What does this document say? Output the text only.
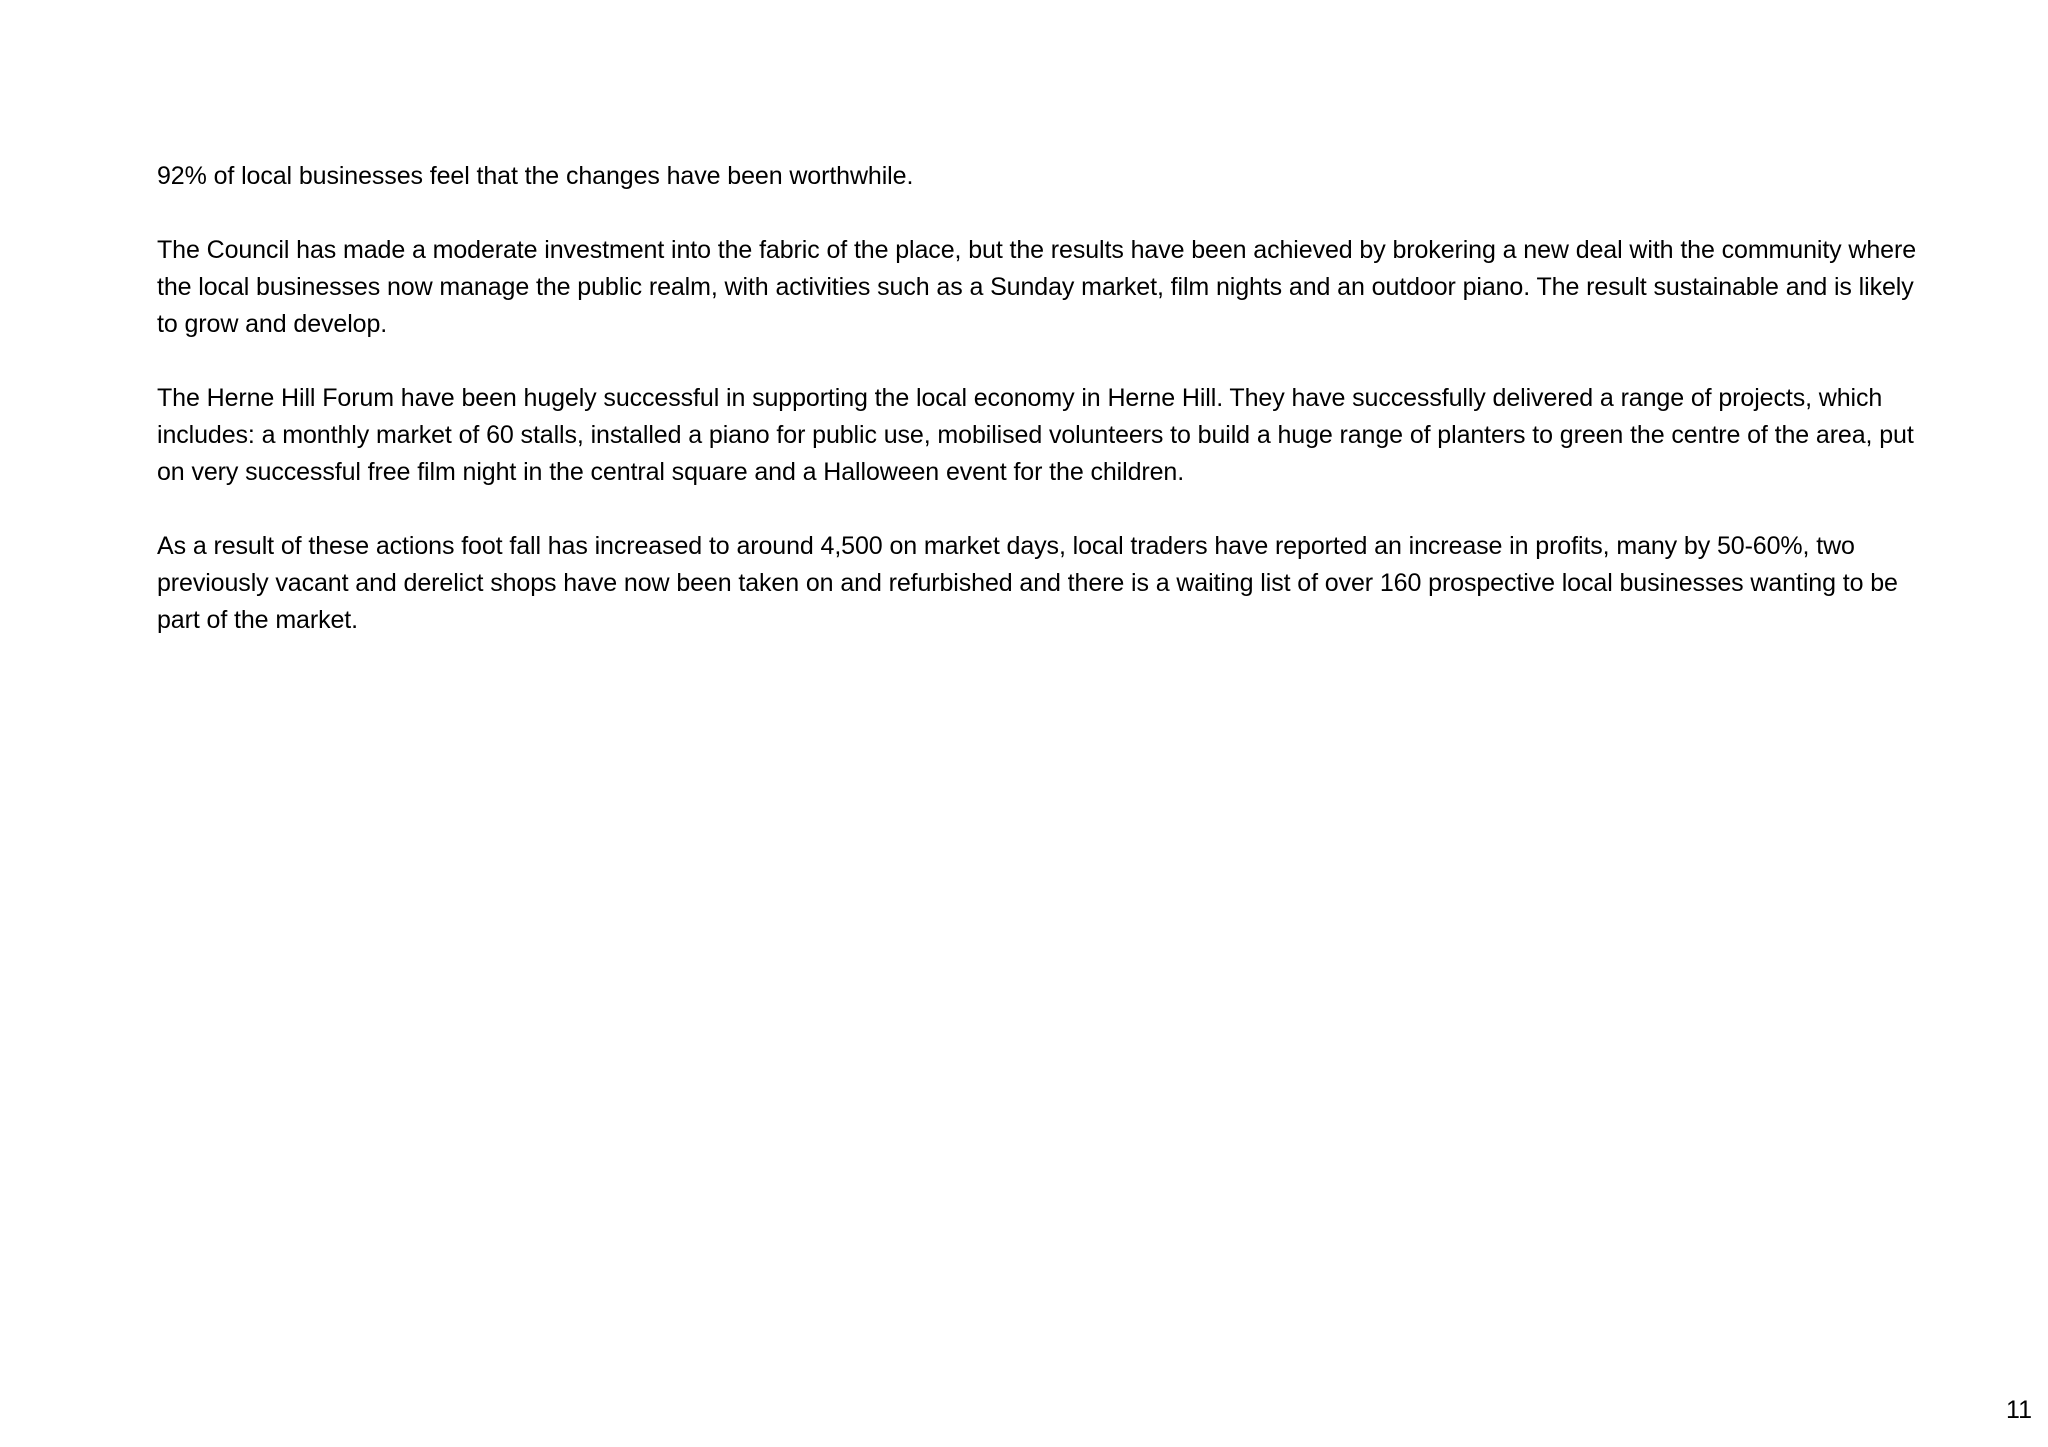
92% of local businesses feel that the changes have been worthwhile.

The Council has made a moderate investment into the fabric of the place, but the results have been achieved by brokering a new deal with the community where the local businesses now manage the public realm, with activities such as a Sunday market, film nights and an outdoor piano. The result sustainable and is likely to grow and develop.

The Herne Hill Forum have been hugely successful in supporting the local economy in Herne Hill. They have successfully delivered a range of projects, which includes: a monthly market of 60 stalls, installed a piano for public use, mobilised volunteers to build a huge range of planters to green the centre of the area, put on very successful free film night in the central square and a Halloween event for the children.

As a result of these actions foot fall has increased to around 4,500 on market days, local traders have reported an increase in profits, many by 50-60%, two previously vacant and derelict shops have now been taken on and refurbished and there is a waiting list of over 160 prospective local businesses wanting to be part of the market.

11
